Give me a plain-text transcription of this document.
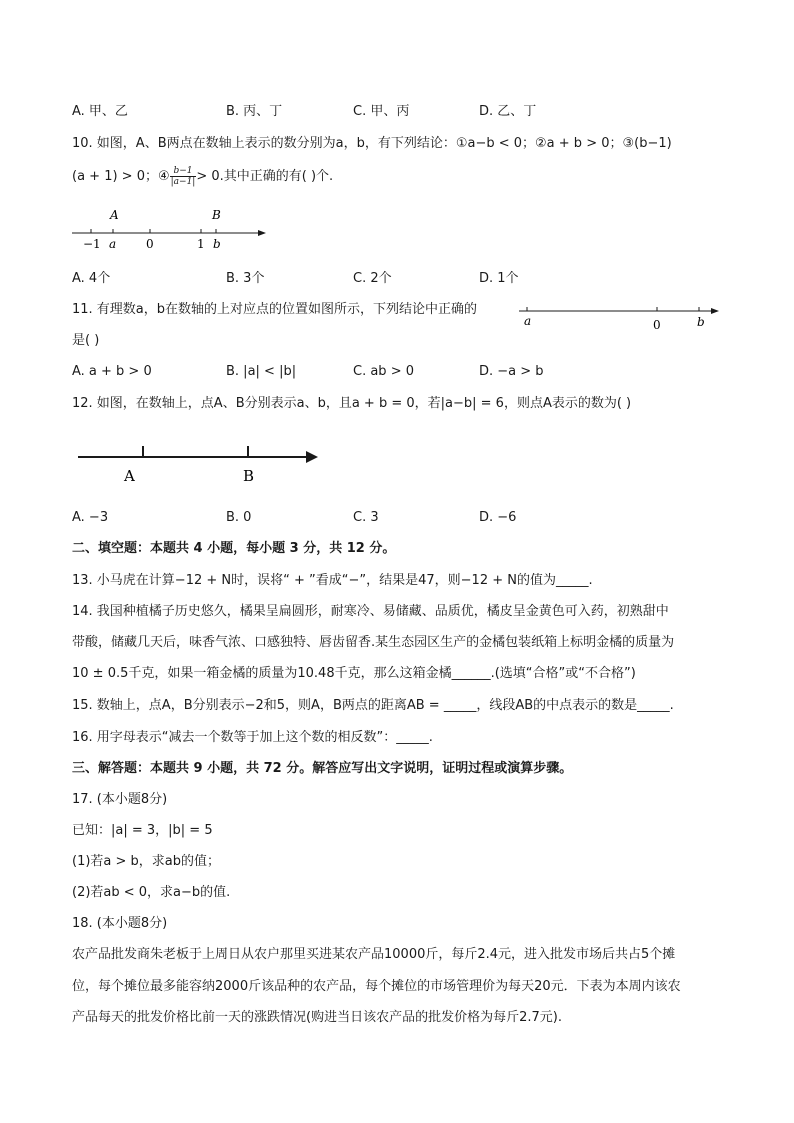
A. 甲、乙	B. 丙、丁	C. 甲、丙	D. 乙、丁
10. 如图，A、B两点在数轴上表示的数分别为a，b，有下列结论：①a−b < 0；②a + b > 0；③(b−1)
(a + 1) > 0；④ $\frac{b-1}{|a-1|} > 0$.其中正确的有( )个.
A	B
−1 a 0	1 b
A. 4个	B. 3个	C. 2个	D. 1个
11. 有理数a，b在数轴的上对应点的位置如图所示，下列结论中正确的
是( )
a	0	b
A. a + b > 0	B. |a| < |b|	C. ab > 0	D. −a > b
12. 如图，在数轴上，点A、B分别表示a、b，且a + b = 0，若|a−b| = 6，则点A表示的数为( )
A	B
A. −3	B. 0	C. 3	D. −6
二、填空题：本题共 4 小题，每小题 3 分，共 12 分。
13. 小马虎在计算−12 + N时，误将“ + ”看成“−”，结果是47，则−12 + N的值为_____.
14. 我国种植橘子历史悠久，橘果呈扁圆形，耐寒冷、易储藏、品质优，橘皮呈金黄色可入药，初熟甜中
带酸，储藏几天后，味香气浓、口感独特、唇齿留香.某生态园区生产的金橘包装纸箱上标明金橘的质量为
10 ± 0.5千克，如果一箱金橘的质量为10.48千克，那么这箱金橘______.(选填“合格”或“不合格”)
15. 数轴上，点A，B分别表示−2和5，则A，B两点的距离AB = _____，线段AB的中点表示的数是_____.
16. 用字母表示“减去一个数等于加上这个数的相反数”：_____.
三、解答题：本题共 9 小题，共 72 分。解答应写出文字说明，证明过程或演算步骤。
17. (本小题8分)
已知：|a| = 3，|b| = 5
(1)若a > b，求ab的值；
(2)若ab < 0，求a−b的值.
18. (本小题8分)
农产品批发商朱老板于上周日从农户那里买进某农产品10000斤，每斤2.4元，进入批发市场后共占5个摊
位，每个摊位最多能容纳2000斤该品种的农产品，每个摊位的市场管理价为每天20元．下表为本周内该农
产品每天的批发价格比前一天的涨跌情况(购进当日该农产品的批发价格为每斤2.7元).
